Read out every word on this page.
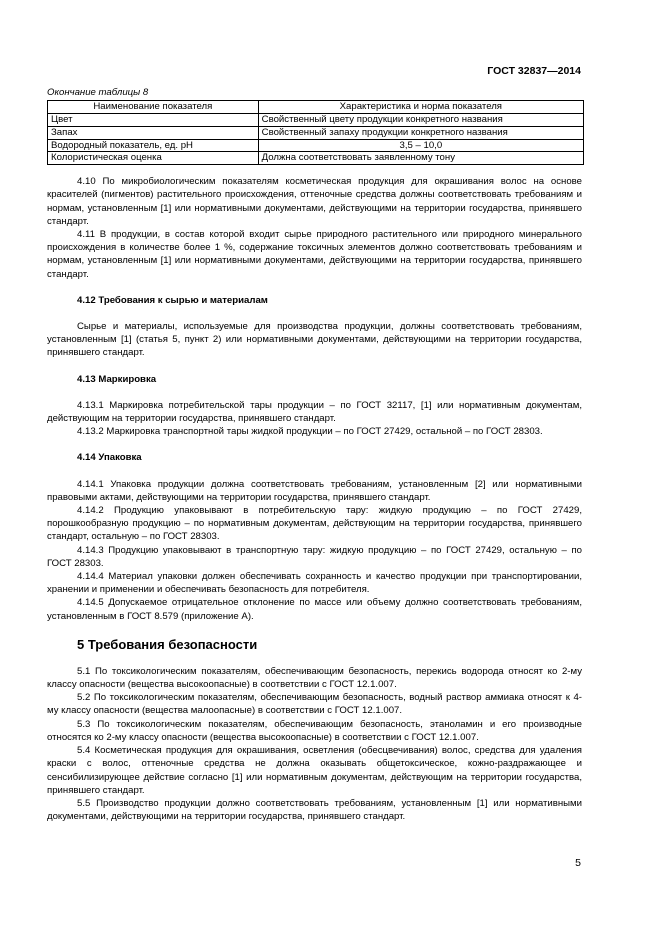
ГОСТ 32837—2014
Окончание таблицы 8
Наименование показателя	Характеристика и норма показателя
Цвет	Свойственный цвету продукции конкретного названия
Запах	Свойственный запаху продукции конкретного названия
Водородный показатель, ед. рН	3,5 – 10,0
Колористическая оценка	Должна соответствовать заявленному тону

4.10 По микробиологическим показателям косметическая продукция для окрашивания волос на основе красителей (пигментов) растительного происхождения, оттеночные средства должны соответствовать требованиям и нормам, установленным [1] или нормативными документами, действующими на территории государства, принявшего стандарт.

4.11 В продукции, в состав которой входит сырье природного растительного или природного минерального происхождения в количестве более 1 %, содержание токсичных элементов должно соответствовать требованиям и нормам, установленным [1] или нормативными документами, действующими на территории государства, принявшего стандарт.

4.12 Требования к сырью и материалам

Сырье и материалы, используемые для производства продукции, должны соответствовать требованиям, установленным [1] (статья 5, пункт 2) или нормативными документами, действующими на территории государства, принявшего стандарт.

4.13 Маркировка

4.13.1 Маркировка потребительской тары продукции – по ГОСТ 32117, [1] или нормативным документам, действующим на территории государства, принявшего стандарт.

4.13.2 Маркировка транспортной тары жидкой продукции – по ГОСТ 27429, остальной – по ГОСТ 28303.

4.14 Упаковка

4.14.1 Упаковка продукции должна соответствовать требованиям, установленным [2] или нормативными правовыми актами, действующими на территории государства, принявшего стандарт.

4.14.2 Продукцию упаковывают в потребительскую тару: жидкую продукцию – по ГОСТ 27429, порошкообразную продукцию – по нормативным документам, действующим на территории государства, принявшего стандарт, остальную – по ГОСТ 28303.

4.14.3 Продукцию упаковывают в транспортную тару: жидкую продукцию – по ГОСТ 27429, остальную – по ГОСТ 28303.

4.14.4 Материал упаковки должен обеспечивать сохранность и качество продукции при транспортировании, хранении и применении и обеспечивать безопасность для потребителя.

4.14.5 Допускаемое отрицательное отклонение по массе или объему должно соответствовать требованиям, установленным в ГОСТ 8.579 (приложение А).

5 Требования безопасности

5.1 По токсикологическим показателям, обеспечивающим безопасность, перекись водорода относят ко 2-му классу опасности (вещества высокоопасные) в соответствии с ГОСТ 12.1.007.

5.2 По токсикологическим показателям, обеспечивающим безопасность, водный раствор аммиака относят к 4-му классу опасности (вещества малоопасные) в соответствии с ГОСТ 12.1.007.

5.3 По токсикологическим показателям, обеспечивающим безопасность, этаноламин и его производные относятся ко 2-му классу опасности (вещества высокоопасные) в соответствии с ГОСТ 12.1.007.

5.4 Косметическая продукция для окрашивания, осветления (обесцвечивания) волос, средства для удаления краски с волос, оттеночные средства не должна оказывать общетоксическое, кожно-раздражающее и сенсибилизирующее действие согласно [1] или нормативным документам, действующим на территории государства, принявшего стандарт.

5.5 Производство продукции должно соответствовать требованиям, установленным [1] или нормативными документами, действующими на территории государства, принявшего стандарт.

5
